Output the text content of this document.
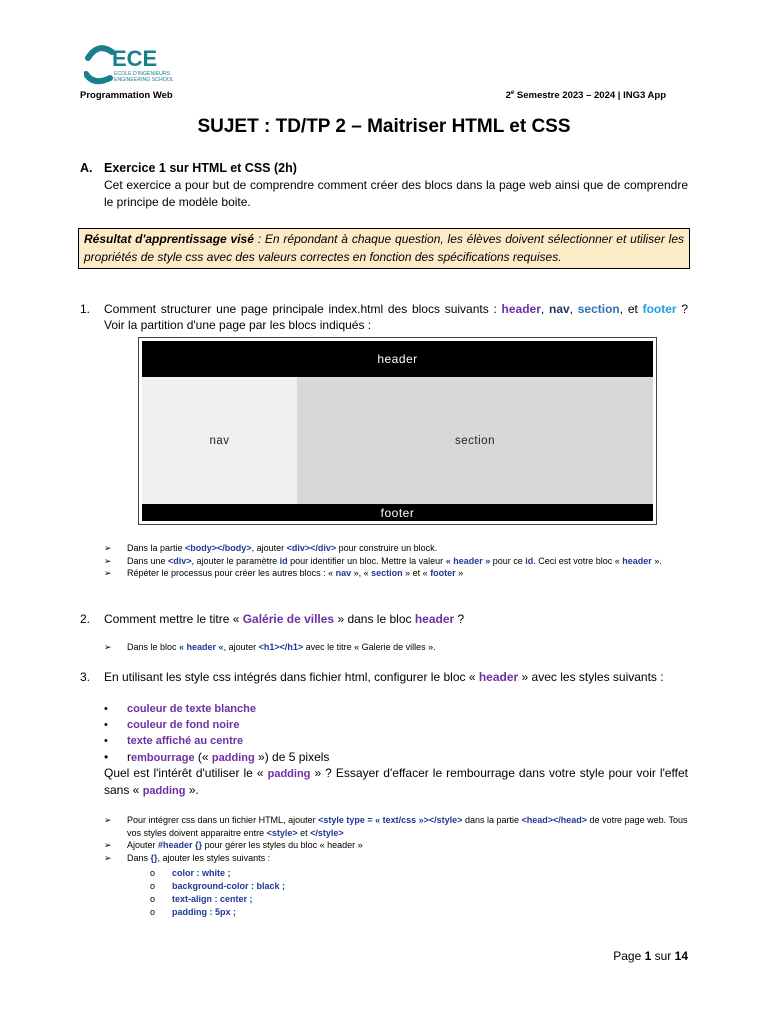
ECE
ECOLE D'INGÉNIEURS
ENGINEERING SCHOOL
Programmation Web	2e Semestre 2023 – 2024 | ING3 App
SUJET : TD/TP 2 – Maitriser HTML et CSS
A. Exercice 1 sur HTML et CSS (2h)
Cet exercice a pour but de comprendre comment créer des blocs dans la page web ainsi que de comprendre le principe de modèle boite.
Résultat d'apprentissage visé : En répondant à chaque question, les élèves doivent sélectionner et utiliser les propriétés de style css avec des valeurs correctes en fonction des spécifications requises.
1. Comment structurer une page principale index.html des blocs suivants : header, nav, section, et footer ? Voir la partition d'une page par les blocs indiqués :
header
nav	section
footer
➢ Dans la partie <body></body>, ajouter <div></div> pour construire un block.
➢ Dans une <div>, ajouter le paramètre id pour identifier un bloc. Mettre la valeur « header » pour ce id. Ceci est votre bloc « header ».
➢ Répéter le processus pour créer les autres blocs : « nav », « section » et « footer »
2. Comment mettre le titre « Galérie de villes » dans le bloc header ?
➢ Dans le bloc « header «, ajouter <h1></h1> avec le titre « Galerie de villes ».
3. En utilisant les style css intégrés dans fichier html, configurer le bloc « header » avec les styles suivants :
• couleur de texte blanche
• couleur de fond noire
• texte affiché au centre
• rembourrage (« padding ») de 5 pixels
Quel est l'intérêt d'utiliser le « padding » ? Essayer d'effacer le rembourrage dans votre style pour voir l'effet sans « padding ».
➢ Pour intégrer css dans un fichier HTML, ajouter <style type = « text/css »></style> dans la partie <head></head> de votre page web. Tous vos styles doivent apparaitre entre <style> et </style>
➢ Ajouter #header {} pour gérer les styles du bloc « header »
➢ Dans {}, ajouter les styles suivants :
o color : white ;
o background-color : black ;
o text-align : center ;
o padding : 5px ;
Page 1 sur 14
